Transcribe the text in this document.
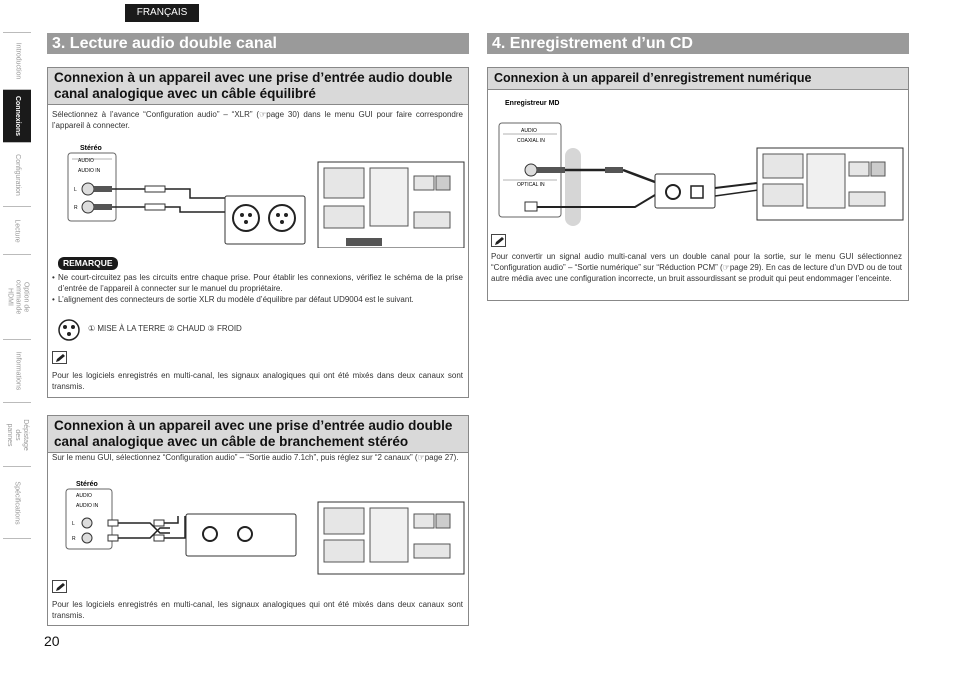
FRANÇAIS
Introduction
Connexions
Configuration
Lecture
Option de commande HDMI
Informations
Dépistage des pannes
Spécifications
3. Lecture audio double canal
Connexion à un appareil avec une prise d’entrée audio double canal analogique avec un câble équilibré
Sélectionnez à l’avance “Configuration audio” – “XLR” (☞page 30) dans le menu GUI pour faire correspondre l’appareil à connecter.
Stéréo
AUDIO
AUDIO IN
L
R
REMARQUE
• Ne court-circuitez pas les circuits entre chaque prise. Pour établir les connexions, vérifiez le schéma de la prise d’entrée de l’appareil à connecter sur le manuel du propriétaire.
• L’alignement des connecteurs de sortie XLR du modèle d’équilibre par défaut UD9004 est le suivant.
① MISE À LA TERRE ② CHAUD ③ FROID
Pour les logiciels enregistrés en multi-canal, les signaux analogiques qui ont été mixés dans deux canaux sont transmis.
Connexion à un appareil avec une prise d’entrée audio double canal analogique avec un câble de branchement stéréo
Sur le menu GUI, sélectionnez “Configuration audio” – “Sortie audio 7.1ch”, puis réglez sur “2 canaux” (☞page 27).
Stéréo
AUDIO
AUDIO IN
L
R
Pour les logiciels enregistrés en multi-canal, les signaux analogiques qui ont été mixés dans deux canaux sont transmis.
4. Enregistrement d’un CD
Connexion à un appareil d’enregistrement numérique
Enregistreur MD
AUDIO
COAXIAL IN
OPTICAL IN
Pour convertir un signal audio multi-canal vers un double canal pour la sortie, sur le menu GUI sélectionnez “Configuration audio” – “Sortie numérique” sur “Réduction PCM” (☞page 29). En cas de lecture d’un DVD ou de tout autre média avec une configuration incorrecte, un bruit assourdissant se produit qui peut endommager l’enceinte.
20
